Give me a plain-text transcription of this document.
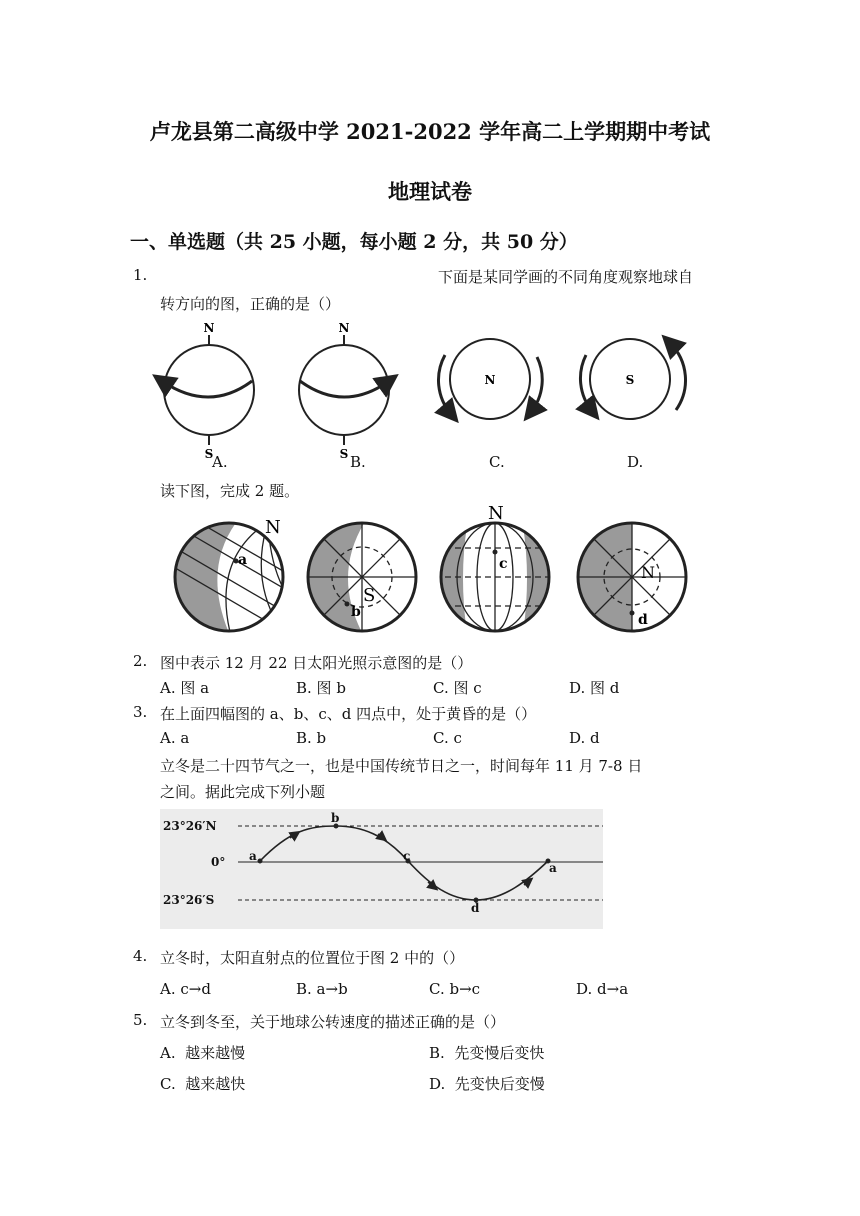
卢龙县第二高级中学 2021-2022 学年高二上学期期中考试
地理试卷
一、单选题（共 25 小题，每小题 2 分，共 50 分）
1.	下面是某同学画的不同角度观察地球自
转方向的图，正确的是（）
N
S
N
S
N	S
A.	B.	C.	D.
读下图，完成 2 题。
N
a
S
b
N
c	N
d
2. 图中表示 12 月 22 日太阳光照示意图的是（）
A. 图 a	B. 图 b	C. 图 c	D. 图 d
3. 在上面四幅图的 a、b、c、d 四点中，处于黄昏的是（）
A. a	B. b	C. c	D. d
立冬是二十四节气之一，也是中国传统节日之一，时间每年 11 月 7-8 日
之间。据此完成下列小题
23°26′N
0°
23°26′S
a
b
c
d
a
4. 立冬时，太阳直射点的位置位于图 2 中的（）
A. c→d	B. a→b	C. b→c	D. d→a
5. 立冬到冬至，关于地球公转速度的描述正确的是（）
A.  越来越慢	B.  先变慢后变快
C.  越来越快	D.  先变快后变慢
